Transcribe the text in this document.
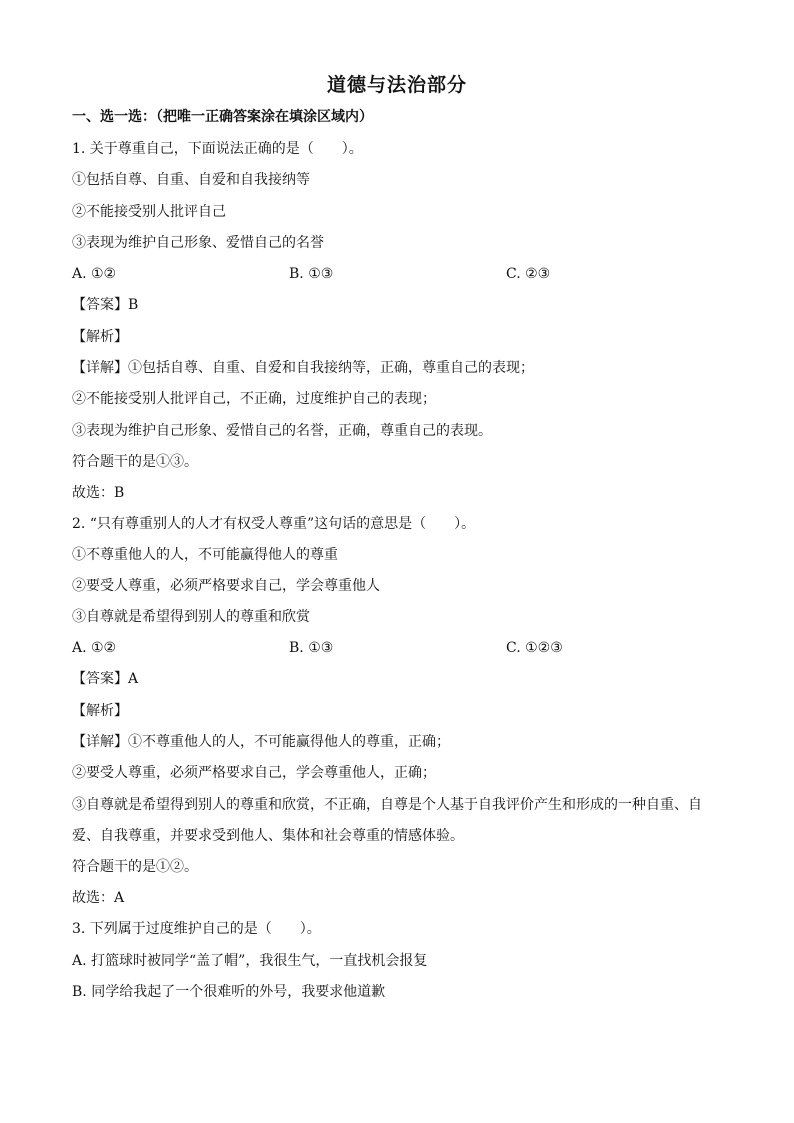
道德与法治部分
一、选一选：（把唯一正确答案涂在填涂区域内）
1. 关于尊重自己，下面说法正确的是（　　）。
①包括自尊、自重、自爱和自我接纳等
②不能接受别人批评自己
③表现为维护自己形象、爱惜自己的名誉
A. ①②	B. ①③	C. ②③
【答案】B
【解析】
【详解】①包括自尊、自重、自爱和自我接纳等，正确，尊重自己的表现；
②不能接受别人批评自己，不正确，过度维护自己的表现；
③表现为维护自己形象、爱惜自己的名誉，正确，尊重自己的表现。
符合题干的是①③。
故选：B
2. “只有尊重别人的人才有权受人尊重”这句话的意思是（　　）。
①不尊重他人的人，不可能赢得他人的尊重
②要受人尊重，必须严格要求自己，学会尊重他人
③自尊就是希望得到别人的尊重和欣赏
A. ①②	B. ①③	C. ①②③
【答案】A
【解析】
【详解】①不尊重他人的人，不可能赢得他人的尊重，正确；
②要受人尊重，必须严格要求自己，学会尊重他人，正确；
③自尊就是希望得到别人的尊重和欣赏，不正确，自尊是个人基于自我评价产生和形成的一种自重、自
爱、自我尊重，并要求受到他人、集体和社会尊重的情感体验。
符合题干的是①②。
故选：A
3. 下列属于过度维护自己的是（　　）。
A. 打篮球时被同学“盖了帽”，我很生气，一直找机会报复
B. 同学给我起了一个很难听的外号，我要求他道歉
